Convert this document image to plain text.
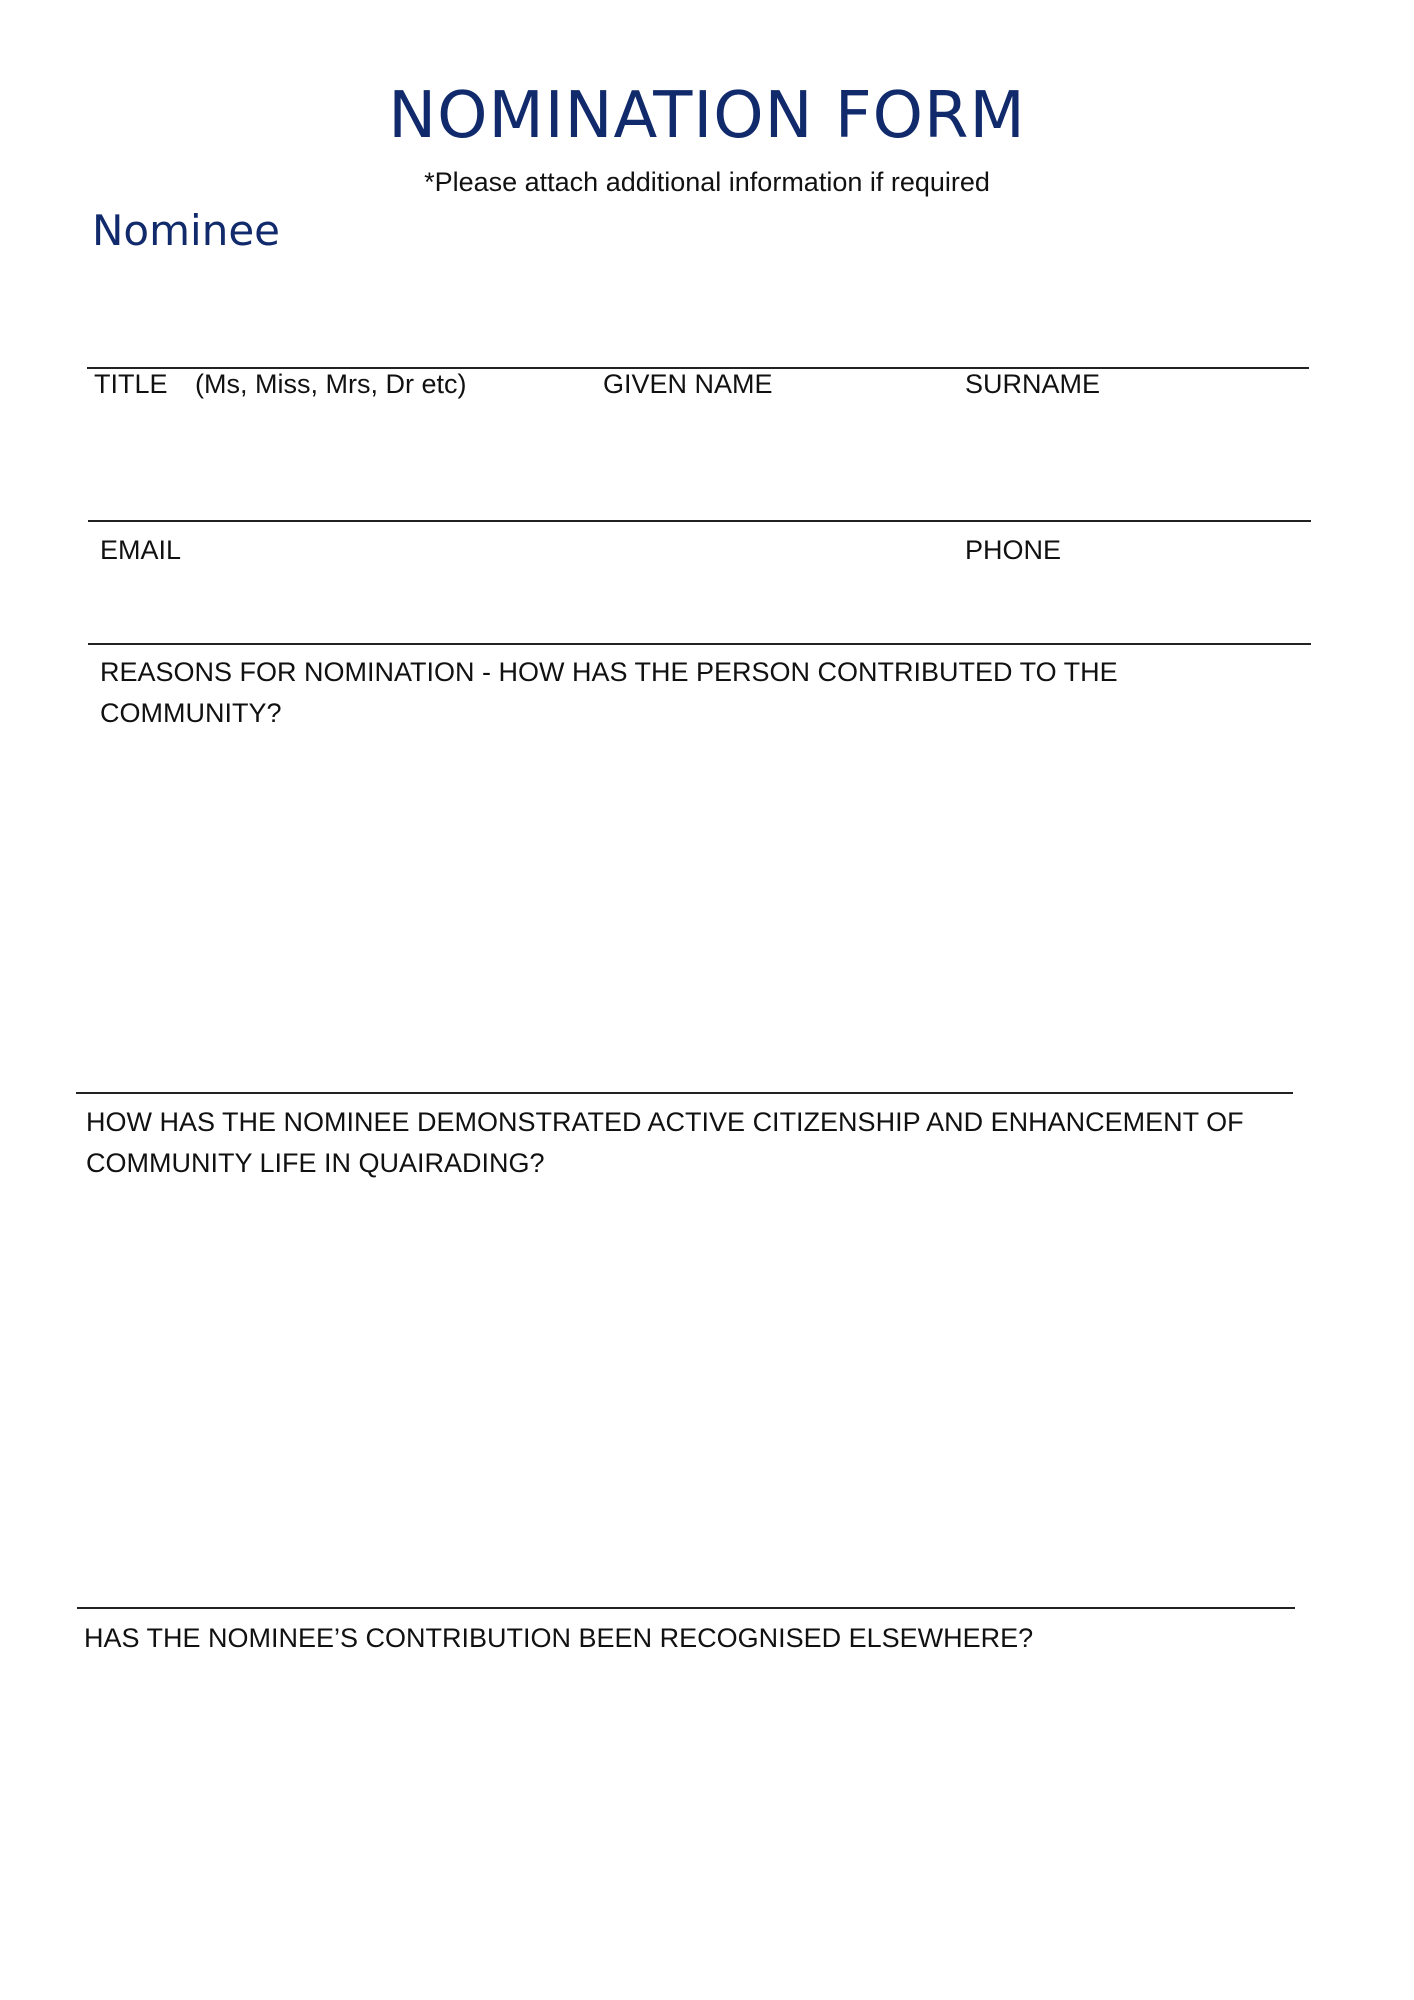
NOMINATION FORM
*Please attach additional information if required
Nominee
TITLE (Ms, Miss, Mrs, Dr etc)	GIVEN NAME	SURNAME
EMAIL	PHONE
REASONS FOR NOMINATION - HOW HAS THE PERSON CONTRIBUTED TO THE COMMUNITY?
HOW HAS THE NOMINEE DEMONSTRATED ACTIVE CITIZENSHIP AND ENHANCEMENT OF COMMUNITY LIFE IN QUAIRADING?
HAS THE NOMINEE’S CONTRIBUTION BEEN RECOGNISED ELSEWHERE?
